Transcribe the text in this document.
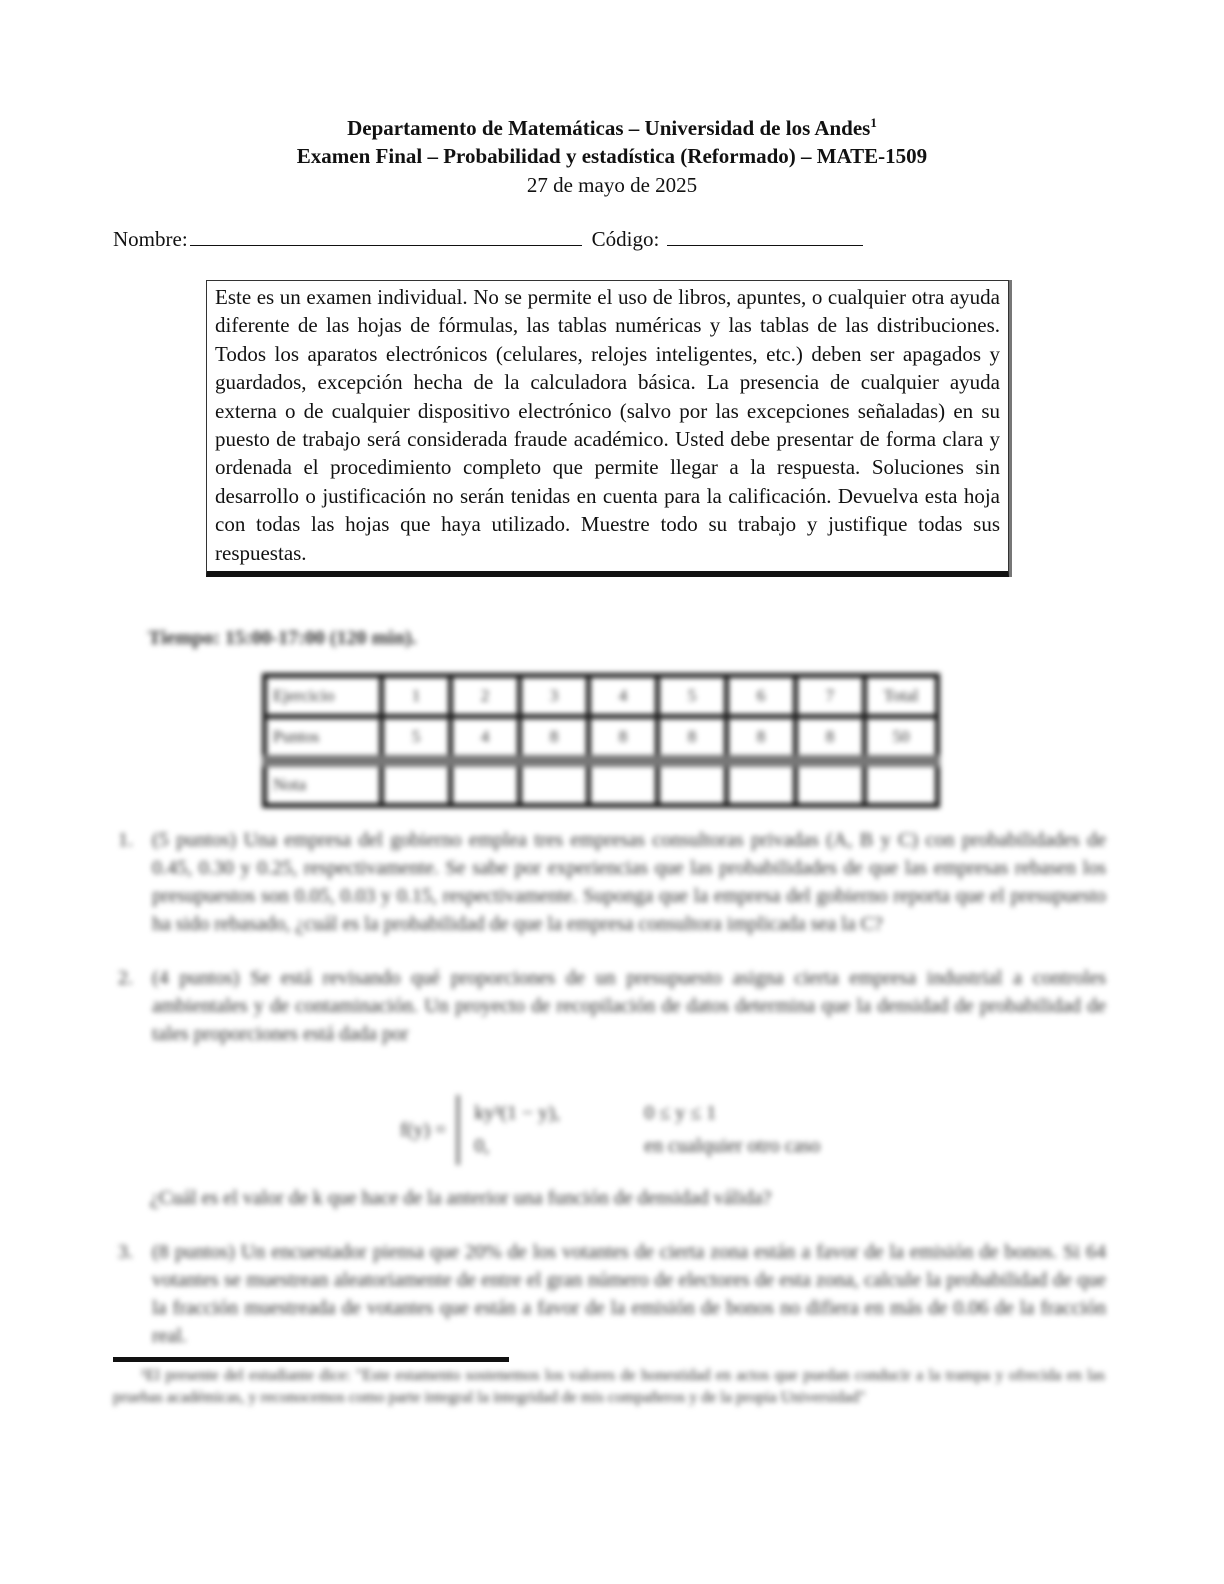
Departamento de Matemáticas – Universidad de los Andes$^1$
Examen Final – Probabilidad y estadística (Reformado) – MATE-1509
27 de mayo de 2025
Nombre:	Código:
Este es un examen individual. No se permite el uso de libros, apuntes, o cualquier otra ayuda diferente de las hojas de fórmulas, las tablas numéricas y las tablas de las distribuciones. Todos los aparatos electrónicos (celulares, relojes inteligentes, etc.) deben ser apagados y guardados, excepción hecha de la calculadora básica. La presencia de cualquier ayuda externa o de cualquier dispositivo electrónico (salvo por las excepciones señaladas) en su puesto de trabajo será considerada fraude académico. Usted debe presentar de forma clara y ordenada el procedimiento completo que permite llegar a la respuesta. Soluciones sin desarrollo o justificación no serán tenidas en cuenta para la calificación. Devuelva esta hoja con todas las hojas que haya utilizado. Muestre todo su trabajo y justifique todas sus respuestas.
Tiempo: 15:00-17:00 (120 min).
Ejercicio	1	2	3	4	5	6	7	Total
Puntos	5	4	8	8	8	8	8	50
Nota								
1. (5 puntos) Una empresa del gobierno emplea tres empresas consultoras privadas (A, B y C) con probabilidades de 0.45, 0.30 y 0.25, respectivamente. Se sabe por experiencias que las probabilidades de que las empresas rebasen los presupuestos son 0.05, 0.03 y 0.15, respectivamente. Suponga que la empresa del gobierno reporta que el presupuesto ha sido rebasado, ¿cuál es la probabilidad de que la empresa consultora implicada sea la C?
2. (4 puntos) Se está revisando qué proporciones de un presupuesto asigna cierta empresa industrial a controles ambientales y de contaminación. Un proyecto de recopilación de datos determina que la densidad de probabilidad de tales proporciones está dada por
f(y) =
ky³(1 − y),	0 ≤ y ≤ 1
0,	en cualquier otro caso
¿Cuál es el valor de k que hace de la anterior una función de densidad válida?
3. (8 puntos) Un encuestador piensa que 20% de los votantes de cierta zona están a favor de la emisión de bonos. Si 64 votantes se muestrean aleatoriamente de entre el gran número de electores de esta zona, calcule la probabilidad de que la fracción muestreada de votantes que están a favor de la emisión de bonos no difiera en más de 0.06 de la fracción real.
¹El presente del estudiante dice: "Este estamento sostenemos los valores de honestidad en actos que puedan conducir a la trampa y ofrecida en las pruebas académicas, y reconocemos como parte integral la integridad de mis compañeros y de la propia Universidad"
